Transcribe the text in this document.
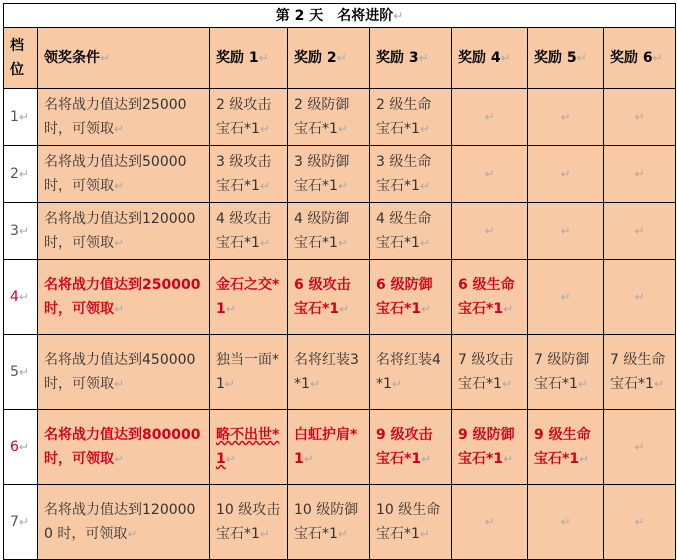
第 2 天　名将进阶↵							
档位	领奖条件↵	奖励 1↵	奖励 2↵	奖励 3↵	奖励 4↵	奖励 5↵	奖励 6↵
1↵	名将战力值达到25000 时，可领取↵	2 级攻击宝石*1↵	2 级防御宝石*1↵	2 级生命宝石*1↵	↵	↵	↵
2↵	名将战力值达到50000 时，可领取↵	3 级攻击宝石*1↵	3 级防御宝石*1↵	3 级生命宝石*1↵	↵	↵	↵
3↵	名将战力值达到120000 时，可领取↵	4 级攻击宝石*1↵	4 级防御宝石*1↵	4 级生命宝石*1↵	↵	↵	↵
4↵	名将战力值达到250000 时，可领取↵	金石之交*1↵	6 级攻击宝石*1↵	6 级防御宝石*1↵	6 级生命宝石*1↵	↵	↵
5↵	名将战力值达到450000 时，可领取↵	独当一面*1↵	名将红装3*1↵	名将红装4*1↵	7 级攻击宝石*1↵	7 级防御宝石*1↵	7 级生命宝石*1↵
6↵	名将战力值达到800000 时，可领取↵	略不出世*1↵	白虹护肩*1↵	9 级攻击宝石*1↵	9 级防御宝石*1↵	9 级生命宝石*1↵	↵
7↵	名将战力值达到1200000 时，可领取↵	10 级攻击宝石*1↵	10 级防御宝石*1↵	10 级生命宝石*1↵	↵	↵	↵
